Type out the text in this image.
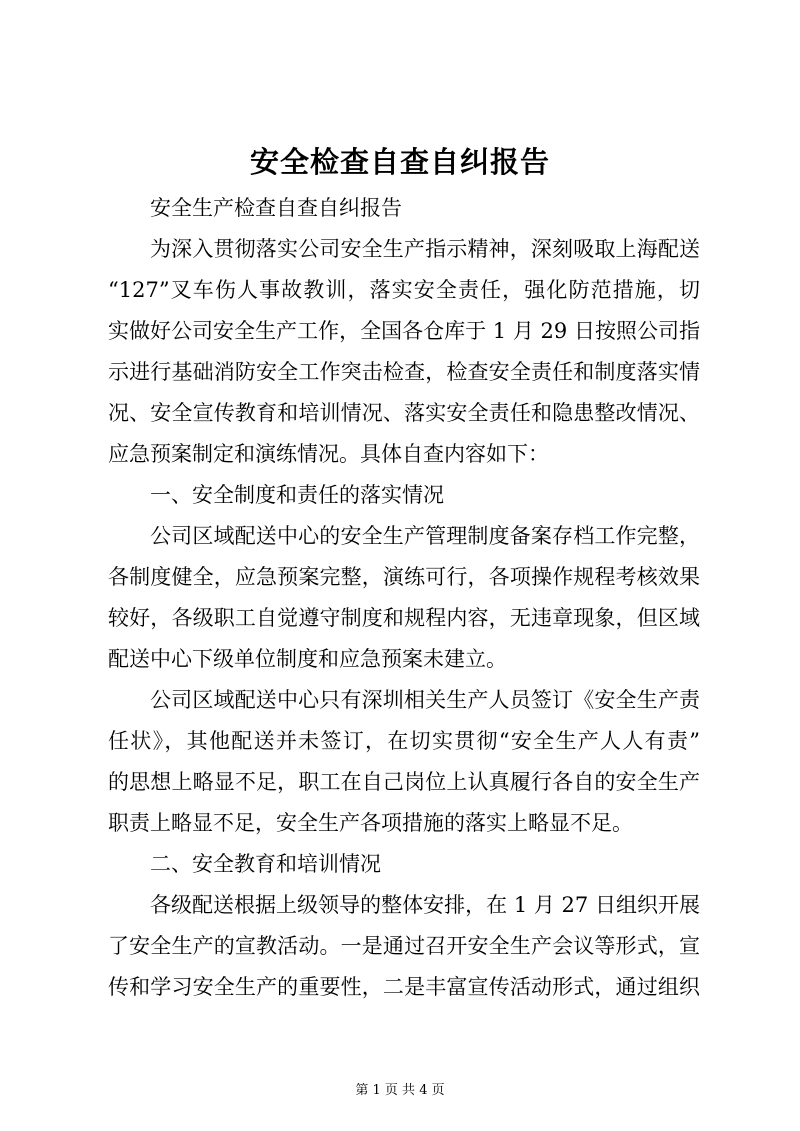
安全检查自查自纠报告
安全生产检查自查自纠报告
为深入贯彻落实公司安全生产指示精神，深刻吸取上海配送
“127”叉车伤人事故教训，落实安全责任，强化防范措施，切
实做好公司安全生产工作，全国各仓库于 1 月 29 日按照公司指
示进行基础消防安全工作突击检查，检查安全责任和制度落实情
况、安全宣传教育和培训情况、落实安全责任和隐患整改情况、
应急预案制定和演练情况。具体自查内容如下：
一、安全制度和责任的落实情况
公司区域配送中心的安全生产管理制度备案存档工作完整，
各制度健全，应急预案完整，演练可行，各项操作规程考核效果
较好，各级职工自觉遵守制度和规程内容，无违章现象，但区域
配送中心下级单位制度和应急预案未建立。
公司区域配送中心只有深圳相关生产人员签订《安全生产责
任状》，其他配送并未签订，在切实贯彻“安全生产人人有责”
的思想上略显不足，职工在自己岗位上认真履行各自的安全生产
职责上略显不足，安全生产各项措施的落实上略显不足。
二、安全教育和培训情况
各级配送根据上级领导的整体安排，在 1 月 27 日组织开展
了安全生产的宣教活动。一是通过召开安全生产会议等形式，宣
传和学习安全生产的重要性，二是丰富宣传活动形式，通过组织
第 1 页 共 4 页
